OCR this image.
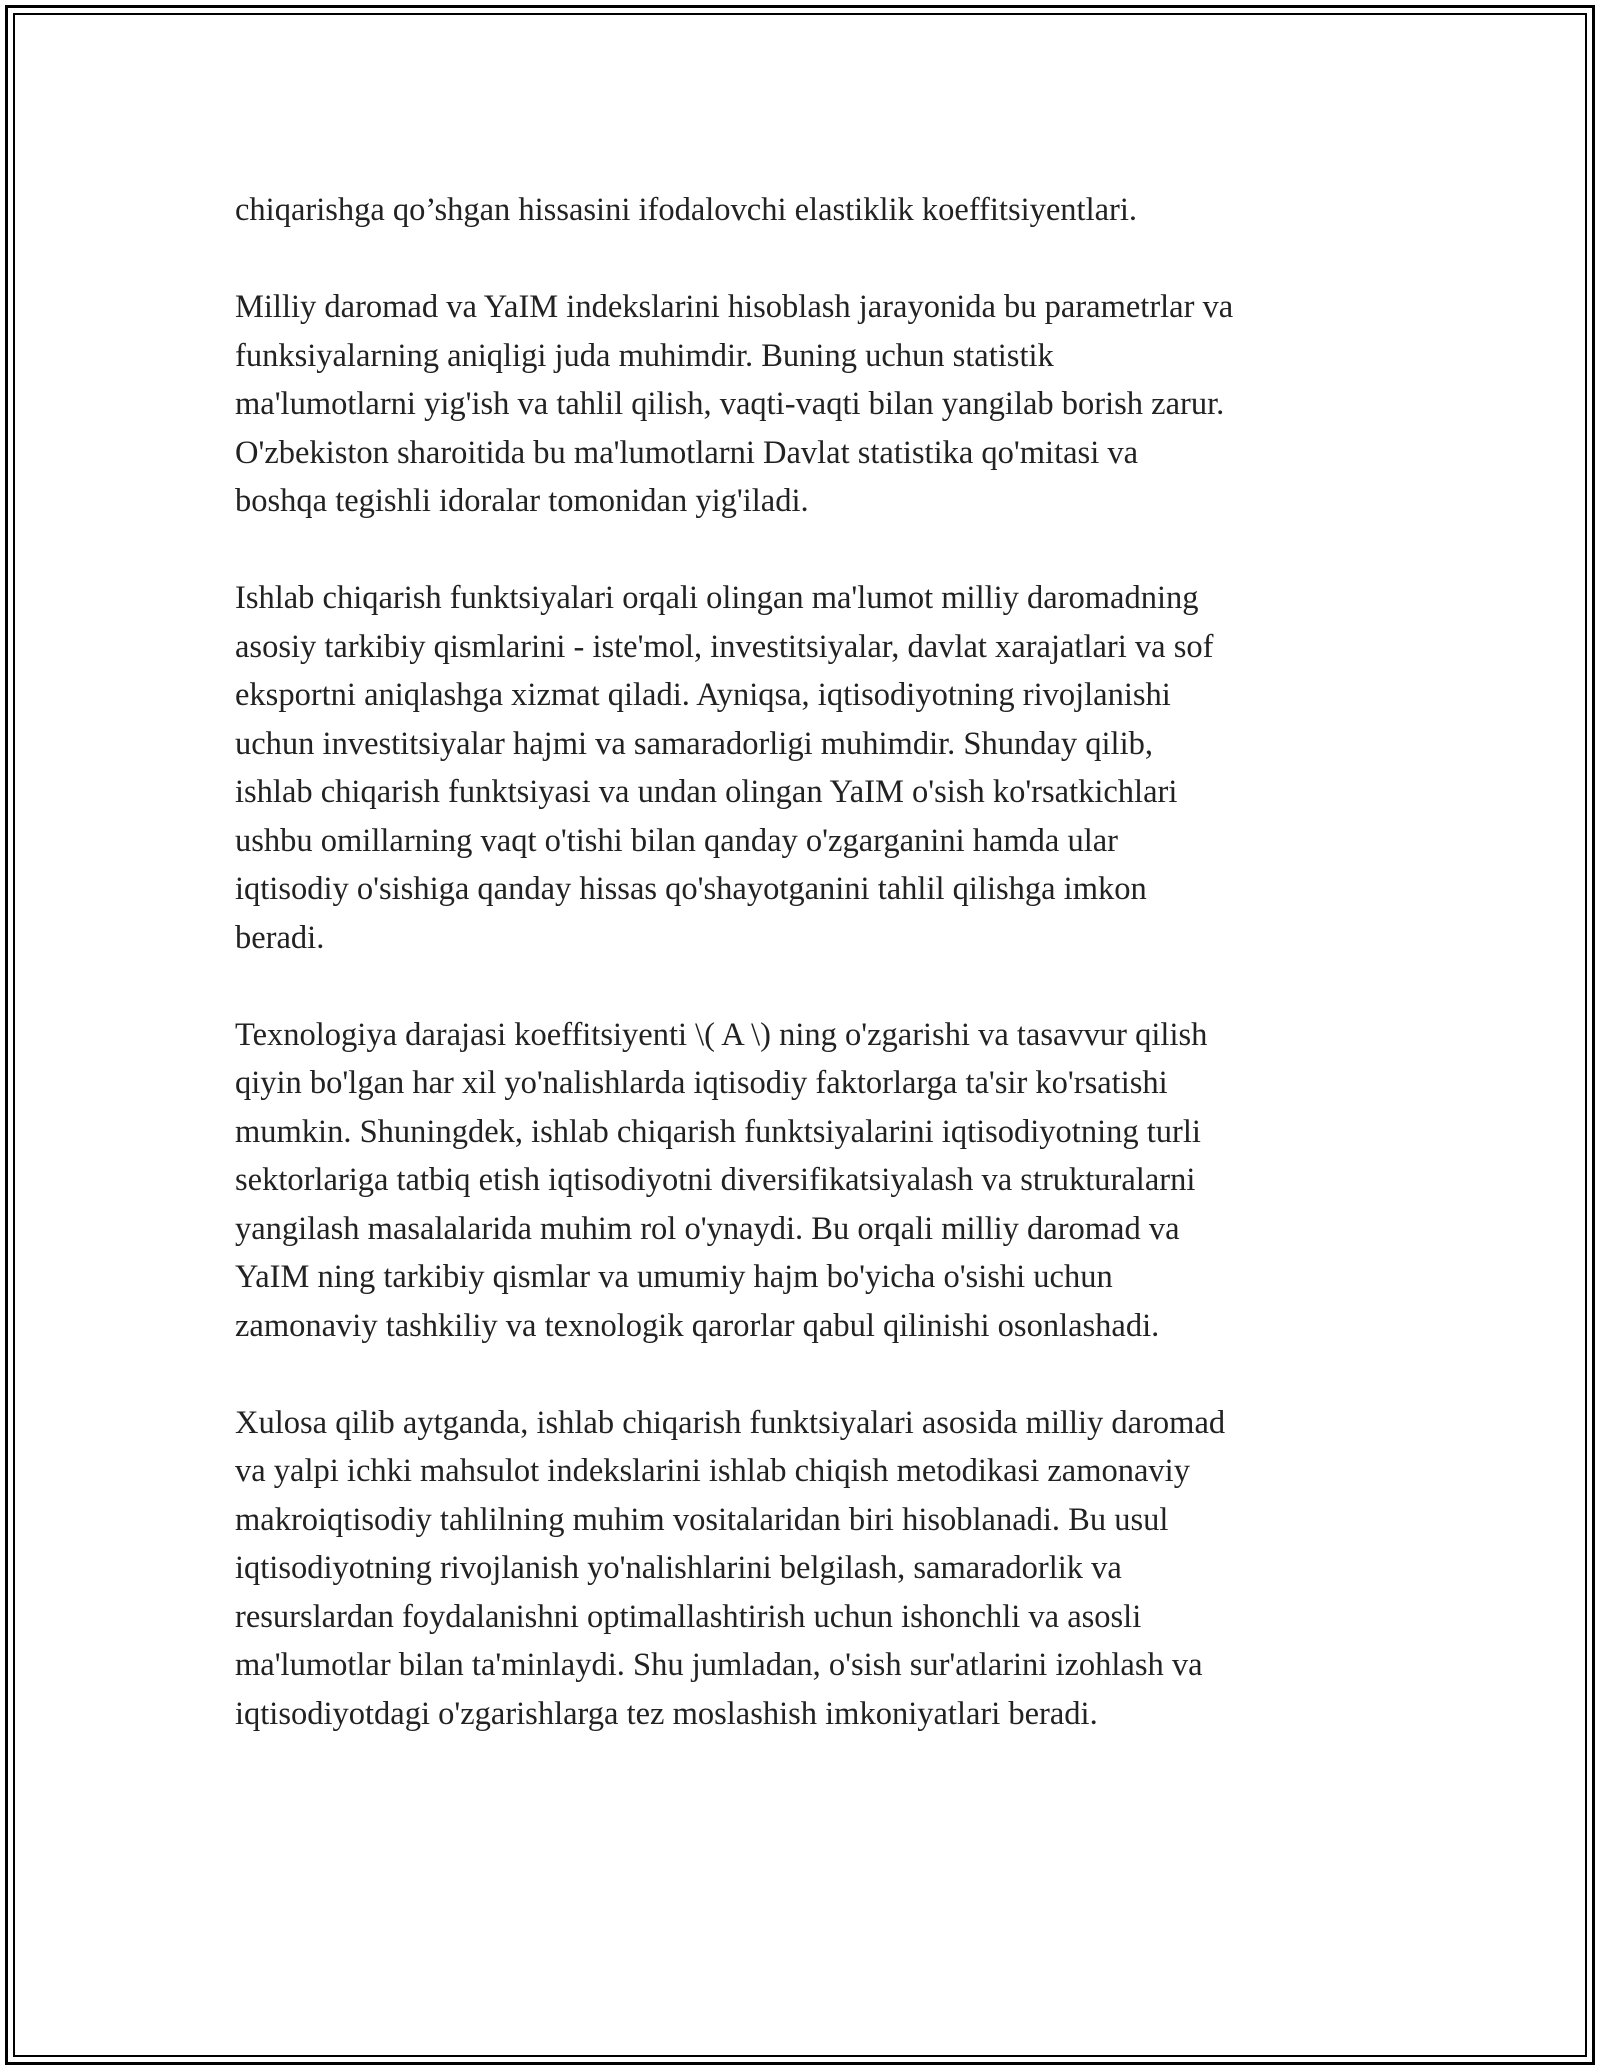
chiqarishga qo’shgan hissasini ifodalovchi elastiklik koeffitsiyentlari.

Milliy daromad va YaIM indekslarini hisoblash jarayonida bu parametrlar va
funksiyalarning aniqligi juda muhimdir. Buning uchun statistik
ma'lumotlarni yig'ish va tahlil qilish, vaqti-vaqti bilan yangilab borish zarur.
O'zbekiston sharoitida bu ma'lumotlarni Davlat statistika qo'mitasi va
boshqa tegishli idoralar tomonidan yig'iladi.

Ishlab chiqarish funktsiyalari orqali olingan ma'lumot milliy daromadning
asosiy tarkibiy qismlarini - iste'mol, investitsiyalar, davlat xarajatlari va sof
eksportni aniqlashga xizmat qiladi. Ayniqsa, iqtisodiyotning rivojlanishi
uchun investitsiyalar hajmi va samaradorligi muhimdir. Shunday qilib,
ishlab chiqarish funktsiyasi va undan olingan YaIM o'sish ko'rsatkichlari
ushbu omillarning vaqt o'tishi bilan qanday o'zgarganini hamda ular
iqtisodiy o'sishiga qanday hissas qo'shayotganini tahlil qilishga imkon
beradi.

Texnologiya darajasi koeffitsiyenti \( A \) ning o'zgarishi va tasavvur qilish
qiyin bo'lgan har xil yo'nalishlarda iqtisodiy faktorlarga ta'sir ko'rsatishi
mumkin. Shuningdek, ishlab chiqarish funktsiyalarini iqtisodiyotning turli
sektorlariga tatbiq etish iqtisodiyotni diversifikatsiyalash va strukturalarni
yangilash masalalarida muhim rol o'ynaydi. Bu orqali milliy daromad va
YaIM ning tarkibiy qismlar va umumiy hajm bo'yicha o'sishi uchun
zamonaviy tashkiliy va texnologik qarorlar qabul qilinishi osonlashadi.

Xulosa qilib aytganda, ishlab chiqarish funktsiyalari asosida milliy daromad
va yalpi ichki mahsulot indekslarini ishlab chiqish metodikasi zamonaviy
makroiqtisodiy tahlilning muhim vositalaridan biri hisoblanadi. Bu usul
iqtisodiyotning rivojlanish yo'nalishlarini belgilash, samaradorlik va
resurslardan foydalanishni optimallashtirish uchun ishonchli va asosli
ma'lumotlar bilan ta'minlaydi. Shu jumladan, o'sish sur'atlarini izohlash va
iqtisodiyotdagi o'zgarishlarga tez moslashish imkoniyatlari beradi.
